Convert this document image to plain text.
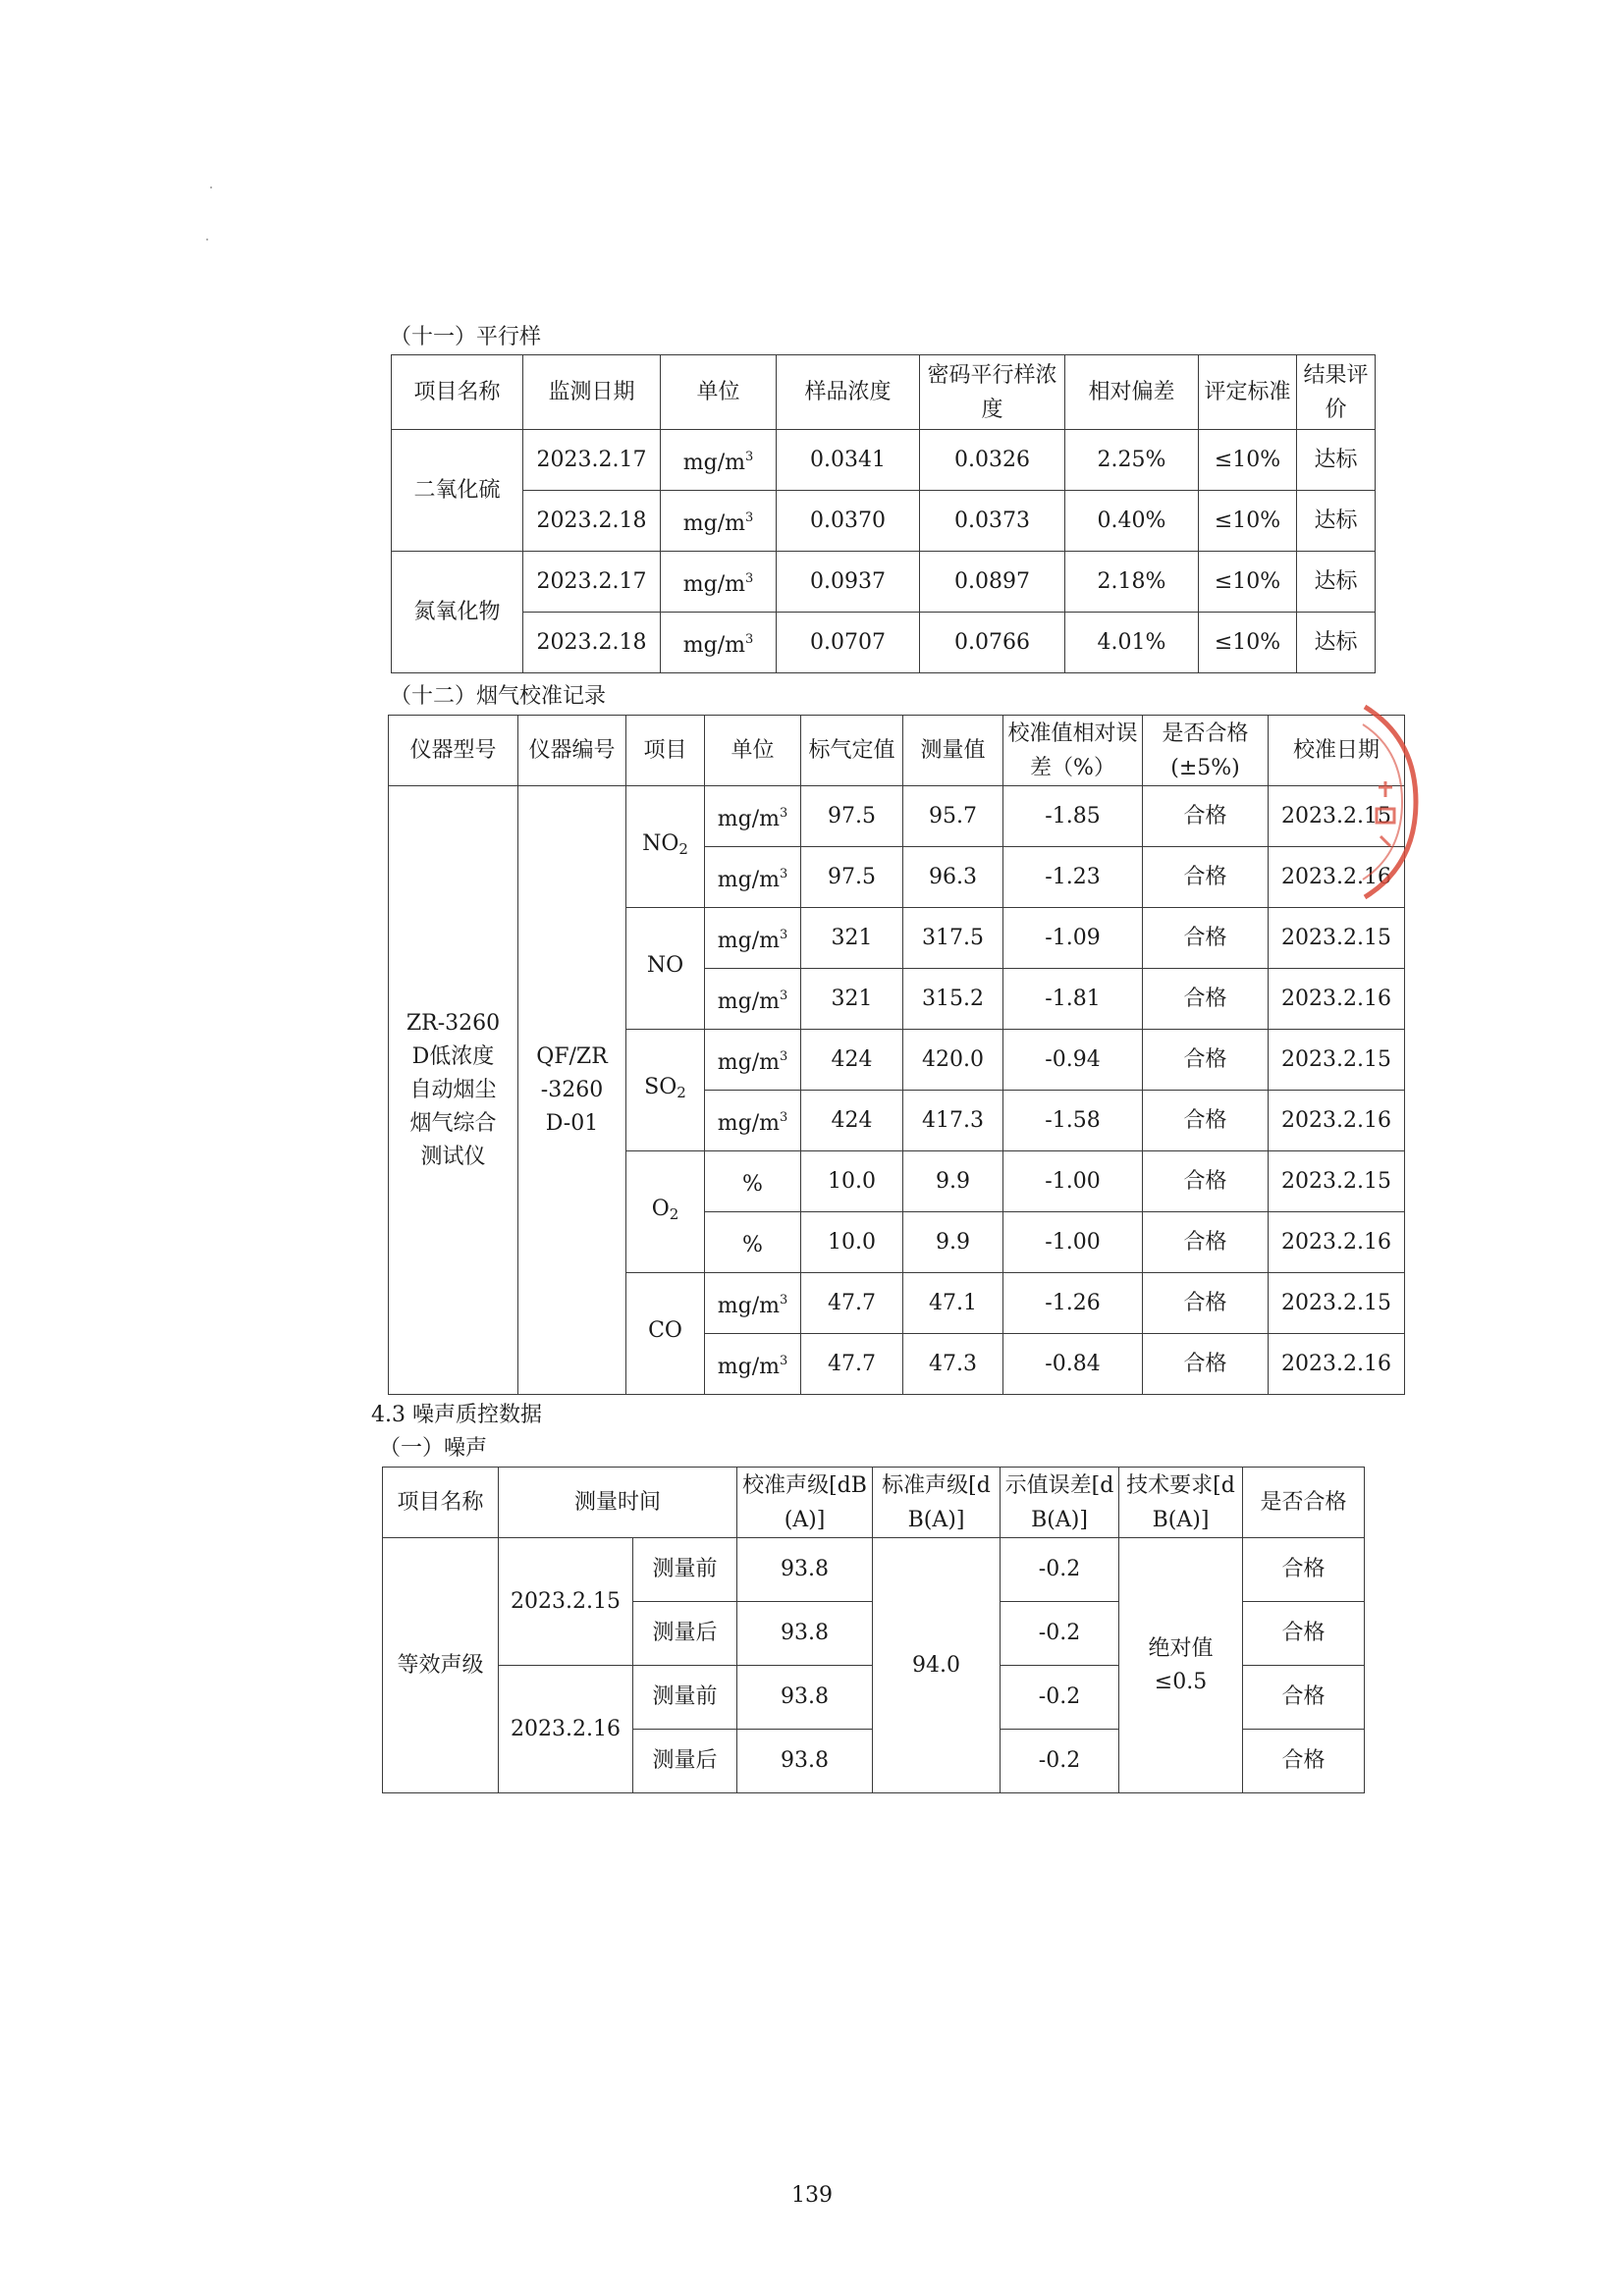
（十一）平行样
项目名称	监测日期	单位	样品浓度	密码平行样浓度	相对偏差	评定标准	结果评价
二氧化硫	2023.2.17	$mg/m^3$	0.0341	0.0326	2.25%	≤10%	达标
	2023.2.18	$mg/m^3$	0.0370	0.0373	0.40%	≤10%	达标
氮氧化物	2023.2.17	$mg/m^3$	0.0937	0.0897	2.18%	≤10%	达标
	2023.2.18	$mg/m^3$	0.0707	0.0766	4.01%	≤10%	达标
（十二）烟气校准记录
仪器型号	仪器编号	项目	单位	标气定值	测量值	校准值相对误差（%）	是否合格(±5%)	校准日期
ZR-3260D低浓度自动烟尘烟气综合测试仪	QF/ZR-3260D-01	$NO_2$	$mg/m^3$	97.5	95.7	-1.85	合格	2023.2.15
			$mg/m^3$	97.5	96.3	-1.23	合格	2023.2.16
		NO	$mg/m^3$	321	317.5	-1.09	合格	2023.2.15
			$mg/m^3$	321	315.2	-1.81	合格	2023.2.16
		$SO_2$	$mg/m^3$	424	420.0	-0.94	合格	2023.2.15
			$mg/m^3$	424	417.3	-1.58	合格	2023.2.16
		$O_2$	%	10.0	9.9	-1.00	合格	2023.2.15
			%	10.0	9.9	-1.00	合格	2023.2.16
		CO	$mg/m^3$	47.7	47.1	-1.26	合格	2023.2.15
			$mg/m^3$	47.7	47.3	-0.84	合格	2023.2.16
4.3 噪声质控数据
（一）噪声
项目名称	测量时间		校准声级[dB(A)]	标准声级[dB(A)]	示值误差[dB(A)]	技术要求[dB(A)]	是否合格
等效声级	2023.2.15	测量前	93.8	94.0	-0.2	绝对值≤0.5	合格
		测量后	93.8		-0.2		合格
	2023.2.16	测量前	93.8		-0.2		合格
		测量后	93.8		-0.2		合格
139
